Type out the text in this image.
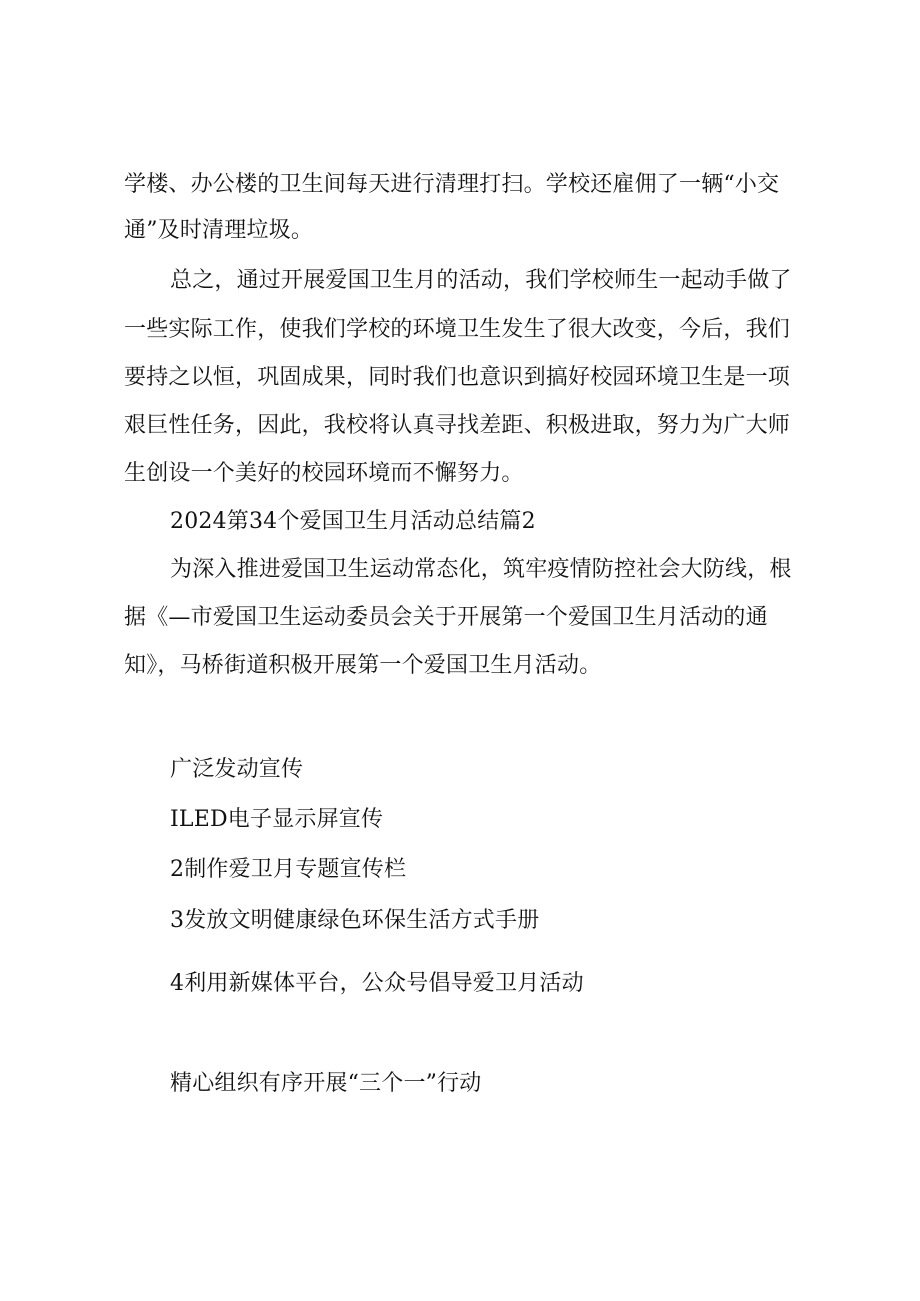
学楼、办公楼的卫生间每天进行清理打扫。学校还雇佣了一辆“小交
通”及时清理垃圾。
总之，通过开展爱国卫生月的活动，我们学校师生一起动手做了
一些实际工作，使我们学校的环境卫生发生了很大改变，今后，我们
要持之以恒，巩固成果，同时我们也意识到搞好校园环境卫生是一项
艰巨性任务，因此，我校将认真寻找差距、积极进取，努力为广大师
生创设一个美好的校园环境而不懈努力。
2024第34个爱国卫生月活动总结篇2
为深入推进爱国卫生运动常态化，筑牢疫情防控社会大防线，根
据《—市爱国卫生运动委员会关于开展第一个爱国卫生月活动的通
知》，马桥街道积极开展第一个爱国卫生月活动。
广泛发动宣传
ILED电子显示屏宣传
2制作爱卫月专题宣传栏
3发放文明健康绿色环保生活方式手册
4利用新媒体平台，公众号倡导爱卫月活动
精心组织有序开展“三个一”行动
